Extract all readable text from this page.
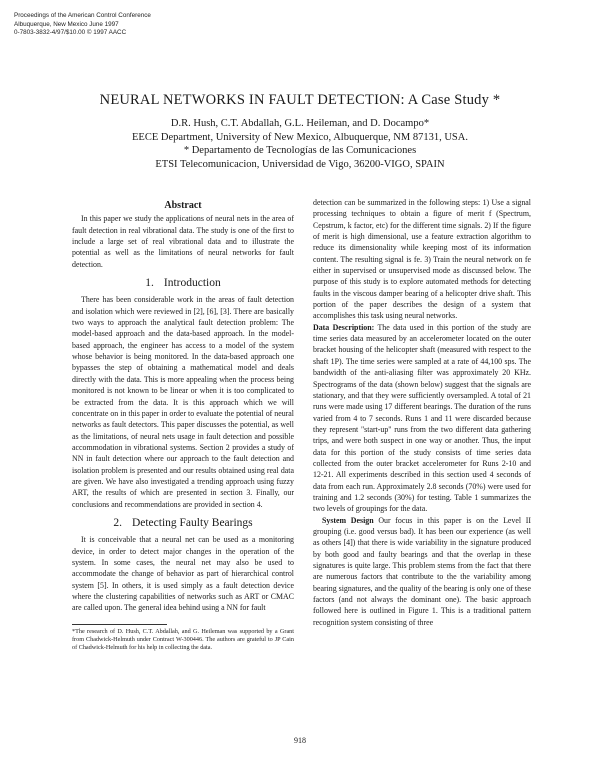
Proceedings of the American Control Conference
Albuquerque, New Mexico June 1997
0-7803-3832-4/97/$10.00 © 1997 AACC
NEURAL NETWORKS IN FAULT DETECTION: A Case Study *
D.R. Hush, C.T. Abdallah, G.L. Heileman, and D. Docampo*
EECE Department, University of New Mexico, Albuquerque, NM 87131, USA.
* Departamento de Tecnologías de las Comunicaciones
ETSI Telecomunicacion, Universidad de Vigo, 36200-VIGO, SPAIN
Abstract

In this paper we study the applications of neural nets in the area of fault detection in real vibrational data. The study is one of the first to include a large set of real vibrational data and to illustrate the potential as well as the limitations of neural networks for fault detection.

1. Introduction

There has been considerable work in the areas of fault detection and isolation which were reviewed in [2], [6], [3]. There are basically two ways to approach the analytical fault detection problem: The model-based approach and the data-based approach. In the model-based approach, the engineer has access to a model of the system whose behavior is being monitored. In the data-based approach one bypasses the step of obtaining a mathematical model and deals directly with the data. This is more appealing when the process being monitored is not known to be linear or when it is too complicated to be extracted from the data. It is this approach which we will concentrate on in this paper in order to evaluate the potential of neural networks as fault detectors. This paper discusses the potential, as well as the limitations, of neural nets usage in fault detection and possible accommodation in vibrational systems. Section 2 provides a study of NN in fault detection where our approach to the fault detection and isolation problem is presented and our results obtained using real data are given. We have also investigated a trending approach using fuzzy ART, the results of which are presented in section 3. Finally, our conclusions and recommendations are provided in section 4.

2. Detecting Faulty Bearings

It is conceivable that a neural net can be used as a monitoring device, in order to detect major changes in the operation of the system. In some cases, the neural net may also be used to accommodate the change of behavior as part of hierarchical control system [5]. In others, it is used simply as a fault detection device where the clustering capabilities of networks such as ART or CMAC are called upon. The general idea behind using a NN for fault

*The research of D. Hush, C.T. Abdallah, and G. Heileman was supported by a Grant from Chadwick-Helmuth under Contract W-300446. The authors are grateful to JP Cain of Chadwick-Helmuth for his help in collecting the data.

detection can be summarized in the following steps: 1) Use a signal processing techniques to obtain a figure of merit f (Spectrum, Cepstrum, k factor, etc) for the different time signals. 2) If the figure of merit is high dimensional, use a feature extraction algorithm to reduce its dimensionality while keeping most of its information content. The resulting signal is fe. 3) Train the neural network on fe either in supervised or unsupervised mode as discussed below. The purpose of this study is to explore automated methods for detecting faults in the viscous damper bearing of a helicopter drive shaft. This portion of the paper describes the design of a system that accomplishes this task using neural networks.

Data Description: The data used in this portion of the study are time series data measured by an accelerometer located on the outer bracket housing of the helicopter shaft (measured with respect to the shaft 1P). The time series were sampled at a rate of 44,100 sps. The bandwidth of the anti-aliasing filter was approximately 20 KHz. Spectrograms of the data (shown below) suggest that the signals are stationary, and that they were sufficiently oversampled. A total of 21 runs were made using 17 different bearings. The duration of the runs varied from 4 to 7 seconds. Runs 1 and 11 were discarded because they represent "start-up" runs from the two different data gathering trips, and were both suspect in one way or another. Thus, the input data for this portion of the study consists of time series data collected from the outer bracket accelerometer for Runs 2-10 and 12-21. All experiments described in this section used 4 seconds of data from each run. Approximately 2.8 seconds (70%) were used for training and 1.2 seconds (30%) for testing. Table 1 summarizes the two levels of groupings for the data.

System Design Our focus in this paper is on the Level II grouping (i.e. good versus bad). It has been our experience (as well as others [4]) that there is wide variability in the signature produced by both good and faulty bearings and that the overlap in these signatures is quite large. This problem stems from the fact that there are numerous factors that contribute to the the variability among bearing signatures, and the quality of the bearing is only one of these factors (and not always the dominant one). The basic approach followed here is outlined in Figure 1. This is a traditional pattern recognition system consisting of three

918
